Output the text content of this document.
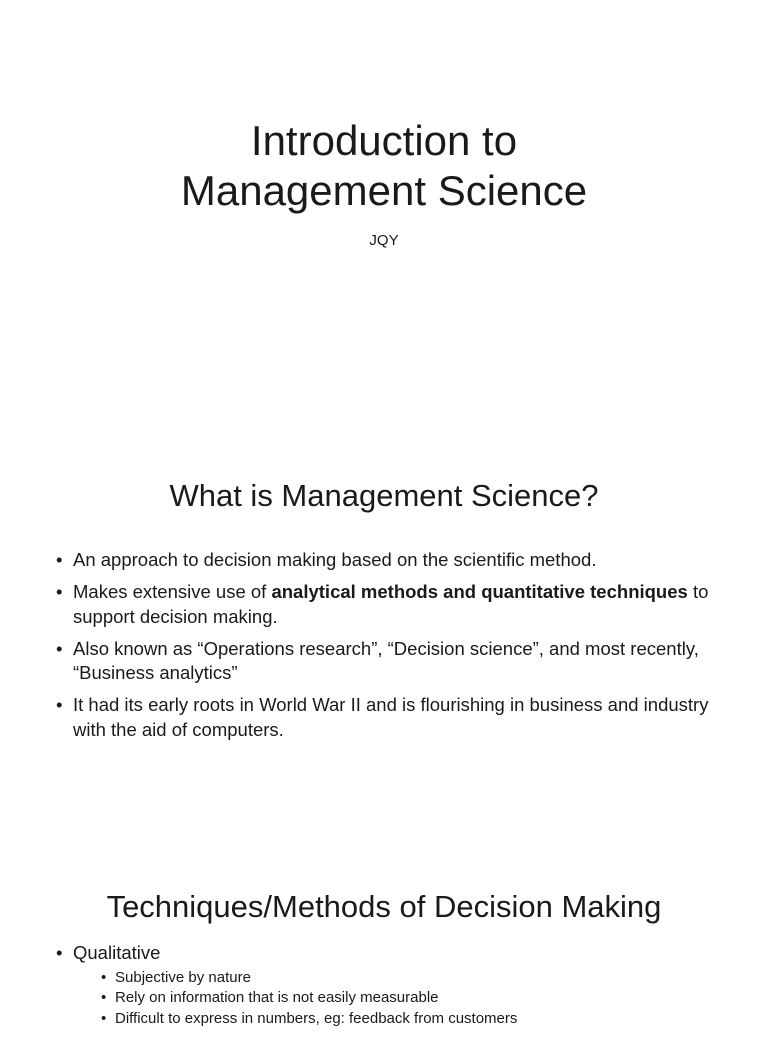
Introduction to
Management Science
JQY
What is Management Science?
• An approach to decision making based on the scientific method.
• Makes extensive use of analytical methods and quantitative techniques to support decision making.
• Also known as “Operations research”, “Decision science”, and most recently, “Business analytics”
• It had its early roots in World War II and is flourishing in business and industry with the aid of computers.
Techniques/Methods of Decision Making
• Qualitative
• Subjective by nature
• Rely on information that is not easily measurable
• Difficult to express in numbers, eg: feedback from customers
